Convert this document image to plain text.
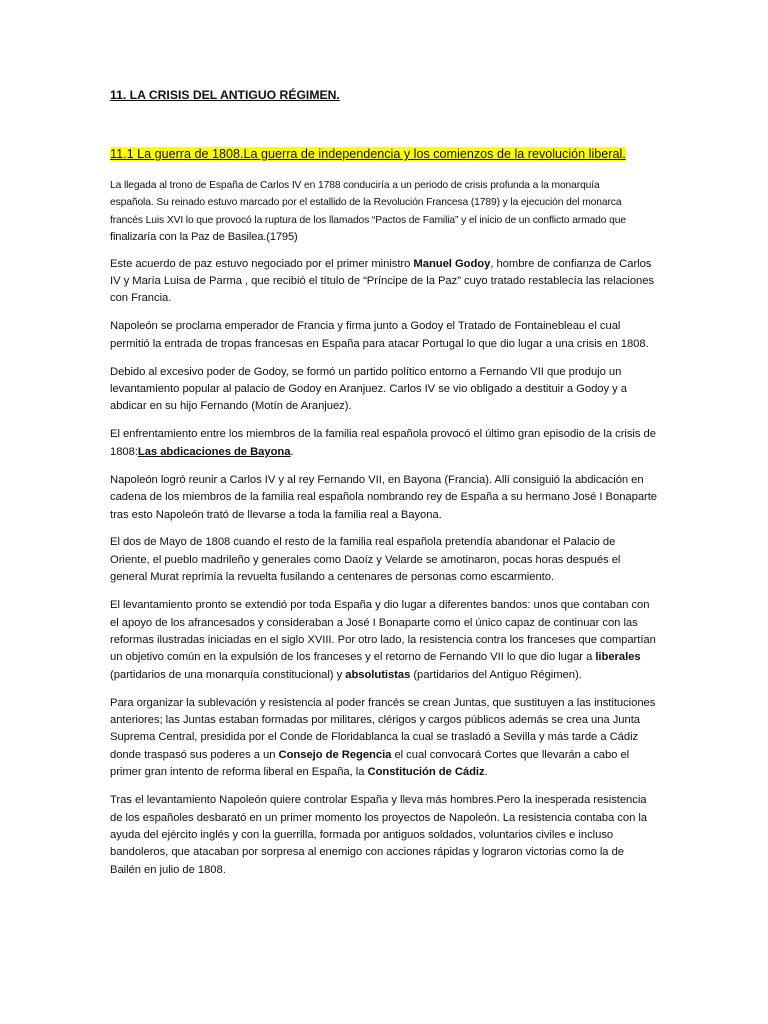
11. LA CRISIS DEL ANTIGUO RÉGIMEN.
11.1 La guerra de 1808.La guerra de independencia y los comienzos de la revolución liberal.

La llegada al trono de España de Carlos IV en 1788 conduciría a un periodo de crisis profunda a la monarquía
española. Su reinado estuvo marcado por el estallido de la Revolución Francesa (1789) y la ejecución del monarca
francés Luis XVI lo que provocó la ruptura de los llamados “Pactos de Familia” y el inicio de un conflicto armado que
finalizaría con la Paz de Basilea.(1795)

Este acuerdo de paz estuvo negociado por el primer ministro Manuel Godoy, hombre de confianza de Carlos IV y María Luisa de Parma , que recibió el título de “Príncipe de la Paz” cuyo tratado restablecía las relaciones con Francia.

Napoleón se proclama emperador de Francia y firma junto a Godoy el Tratado de Fontainebleau el cual permitió la entrada de tropas francesas en España para atacar Portugal lo que dio lugar a una crisis en 1808.

Debido al excesivo poder de Godoy, se formó un partido político entorno a Fernando VII que produjo un levantamiento popular al palacio de Godoy en Aranjuez. Carlos IV se vio obligado a destituir a Godoy y a abdicar en su hijo Fernando (Motín de Aranjuez).

El enfrentamiento entre los miembros de la familia real española provocó el último gran episodio de la crisis de 1808:Las abdicaciones de Bayona.

Napoleón logró reunir a Carlos IV y al rey Fernando VII, en Bayona (Francia). Allí consiguió la abdicación en cadena de los miembros de la familia real española nombrando rey de España a su hermano José I Bonaparte tras esto Napoleón trató de llevarse a toda la familia real a Bayona.

El dos de Mayo de 1808 cuando el resto de la familia real española pretendía abandonar el Palacio de Oriente, el pueblo madrileño y generales como Daoíz y Velarde se amotinaron, pocas horas después el general Murat reprimía la revuelta fusilando a centenares de personas como escarmiento.

El levantamiento pronto se extendió por toda España y dio lugar a diferentes bandos: unos que contaban con el apoyo de los afrancesados y consideraban a José I Bonaparte como el único capaz de continuar con las reformas ilustradas iniciadas en el siglo XVIII. Por otro lado, la resistencia contra los franceses que compartían un objetivo común en la expulsión de los franceses y el retorno de Fernando VII lo que dio lugar a liberales (partidarios de una monarquía constitucional) y absolutistas (partidarios del Antiguo Régimen).

Para organizar la sublevación y resistencia al poder francés se crean Juntas, que sustituyen a las instituciones anteriores; las Juntas estaban formadas por militares, clérigos y cargos públicos además se crea una Junta Suprema Central, presidida por el Conde de Floridablanca la cual se trasladó a Sevilla y más tarde a Cádiz donde traspasó sus poderes a un Consejo de Regencia el cual convocará Cortes que llevarán a cabo el primer gran intento de reforma liberal en España, la Constitución de Cádiz.

Tras el levantamiento Napoleón quiere controlar España y lleva más hombres.Pero la inesperada resistencia de los españoles desbarató en un primer momento los proyectos de Napoleón. La resistencia contaba con la ayuda del ejército inglés y con la guerrilla, formada por antiguos soldados, voluntarios civiles e incluso bandoleros, que atacaban por sorpresa al enemigo con acciones rápidas y lograron victorias como la de Bailén en julio de 1808.
